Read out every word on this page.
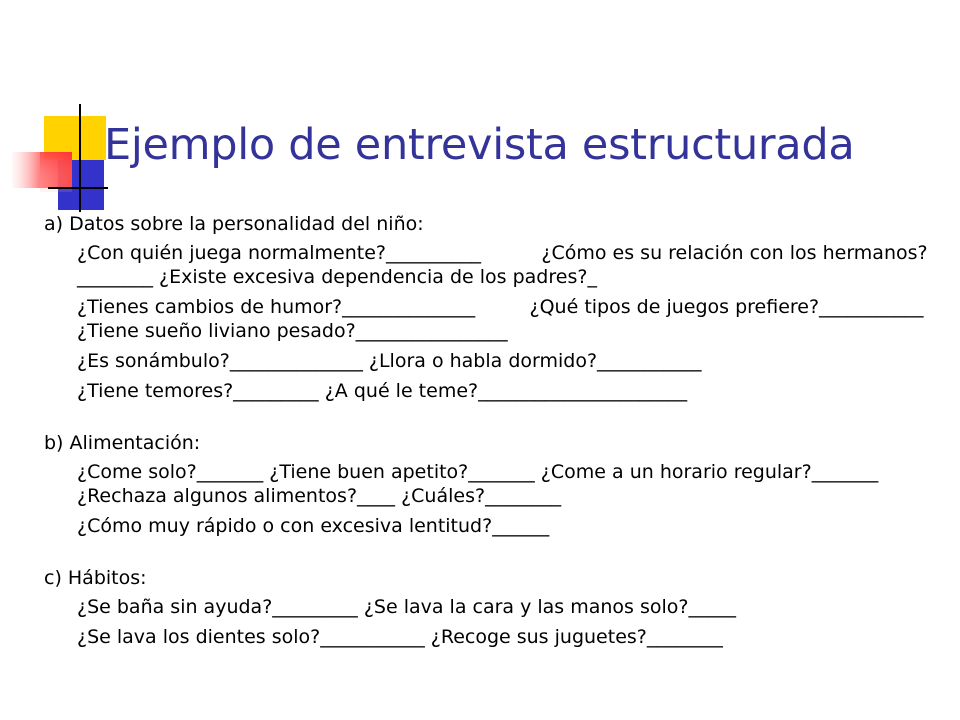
Ejemplo de entrevista estructurada

a) Datos sobre la personalidad del niño:

¿Con quién juega normalmente?__________          ¿Cómo es su relación con los hermanos?________ ¿Existe excesiva dependencia de los padres?_

¿Tienes cambios de humor?______________         ¿Qué tipos de juegos prefiere?___________ ¿Tiene sueño liviano pesado?________________

¿Es sonámbulo?______________ ¿Llora o habla dormido?___________

¿Tiene temores?_________ ¿A qué le teme?______________________

b) Alimentación:

¿Come solo?_______ ¿Tiene buen apetito?_______ ¿Come a un horario regular?_______ ¿Rechaza algunos alimentos?____ ¿Cuáles?________

¿Cómo muy rápido o con excesiva lentitud?______

c) Hábitos:

¿Se baña sin ayuda?_________ ¿Se lava la cara y las manos solo?_____

¿Se lava los dientes solo?___________ ¿Recoge sus juguetes?________
